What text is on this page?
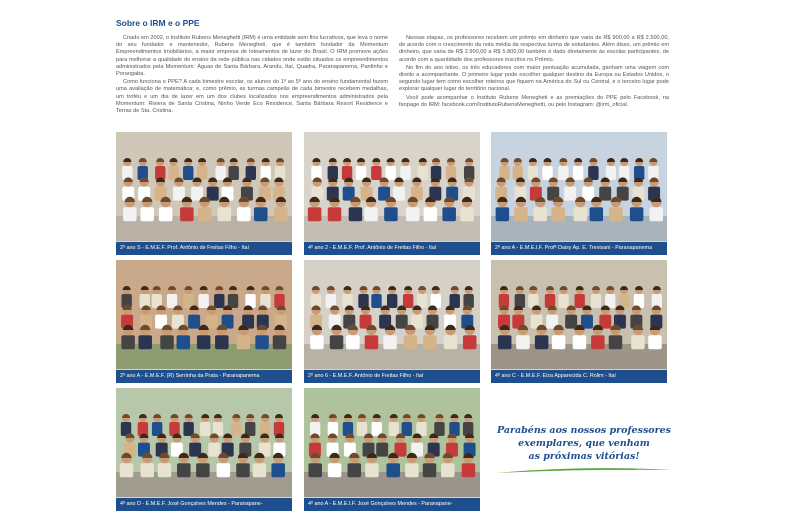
Sobre o IRM e o PPE

Criado em 2002, o Instituto Rubens Meneghetti (IRM) é uma entidade sem fins lucrativos, que leva o nome do seu fundador e mantenedor, Rubens Menegheti, que é também fundador da Momentum Empreendimentos Imobiliários, a maior empresa de loteamentos de lazer do Brasil. O IRM promove ações para melhorar a qualidade do ensino da rede pública nas cidades onde estão situados os empreendimentos administrados pela Momentum: Águas de Santa Bárbara, Arandu, Itaí, Quadra, Paranapanema, Panfinho e Porangaba.

Como funciona o PPE? A cada bimestre escolar, os alunos do 1º ao 5º ano do ensino fundamental fazem uma avaliação de matemática; e, como prêmio, as turmas campeãs de cada bimestre recebem medalhas, um troféu e um dia de lazer em um dos clubes localizados nos empreendimentos administrados pela Momentum: Riviera de Santa Cristina, Ninho Verde Eco Residence, Santa Bárbara Resort Residence e Terras de Sta. Cristina.

Nessas etapas, os professores recebem um prêmio em dinheiro que varia de R$ 900,00 a R$ 2.500,00, de acordo com o crescimento da nota média da respectiva turma de estudantes. Além disso, um prêmio em dinheiro, que varia de R$ 2.900,00 a R$ 5.800,00 também é dado diretamente às escolas participantes, de acordo com a quantidade dos professores inscritos no Prêmio.

No fim do ano letivo, os três educadores com maior pontuação acumulada, ganham uma viagem com direito a acompanhante. O primeiro lugar pode escolher qualquer destino da Europa ou Estados Unidos, o segundo lugar tem como escolher roteiros que fiquem na América do Sul ou Central, e o terceiro lugar pode explorar qualquer lugar do território nacional.

Você pode acompanhar o Instituto Rubens Menegheti e as premiações do PPE pelo Facebook, na fanpage do IRM: facebook.com/InstitutoRubensMeneghetti, ou pelo Instagram: @irm_oficial.

2º ano S - E.M.E.F. Prof. Antônio de Freitas Filho - Itaí	4º ano 2 - E.M.E.F. Prof. Antônio de Freitas Filho - Itaí	2º ano A - E.M.E.I.F. Profª Daisy Ap. E. Trevisani - Paranapanema
2º ano A - E.M.E.F. (R) Serrinha da Prata - Paranapanema	2º ano 6 - E.M.E.F. Antônio de Freitas Filho - Itaí	4º ano C - E.M.E.F. Elza Apparecida C. Rolim - Itaí
4º ano D - E.M.E.F. José Gonçalves Mendes - Paranapane-	4º ano A - E.M.E.I.F. José Gonçalves Mendes - Paranapane-
Parabéns aos nossos professores
exemplares, que venham
as próximas vitórias!
